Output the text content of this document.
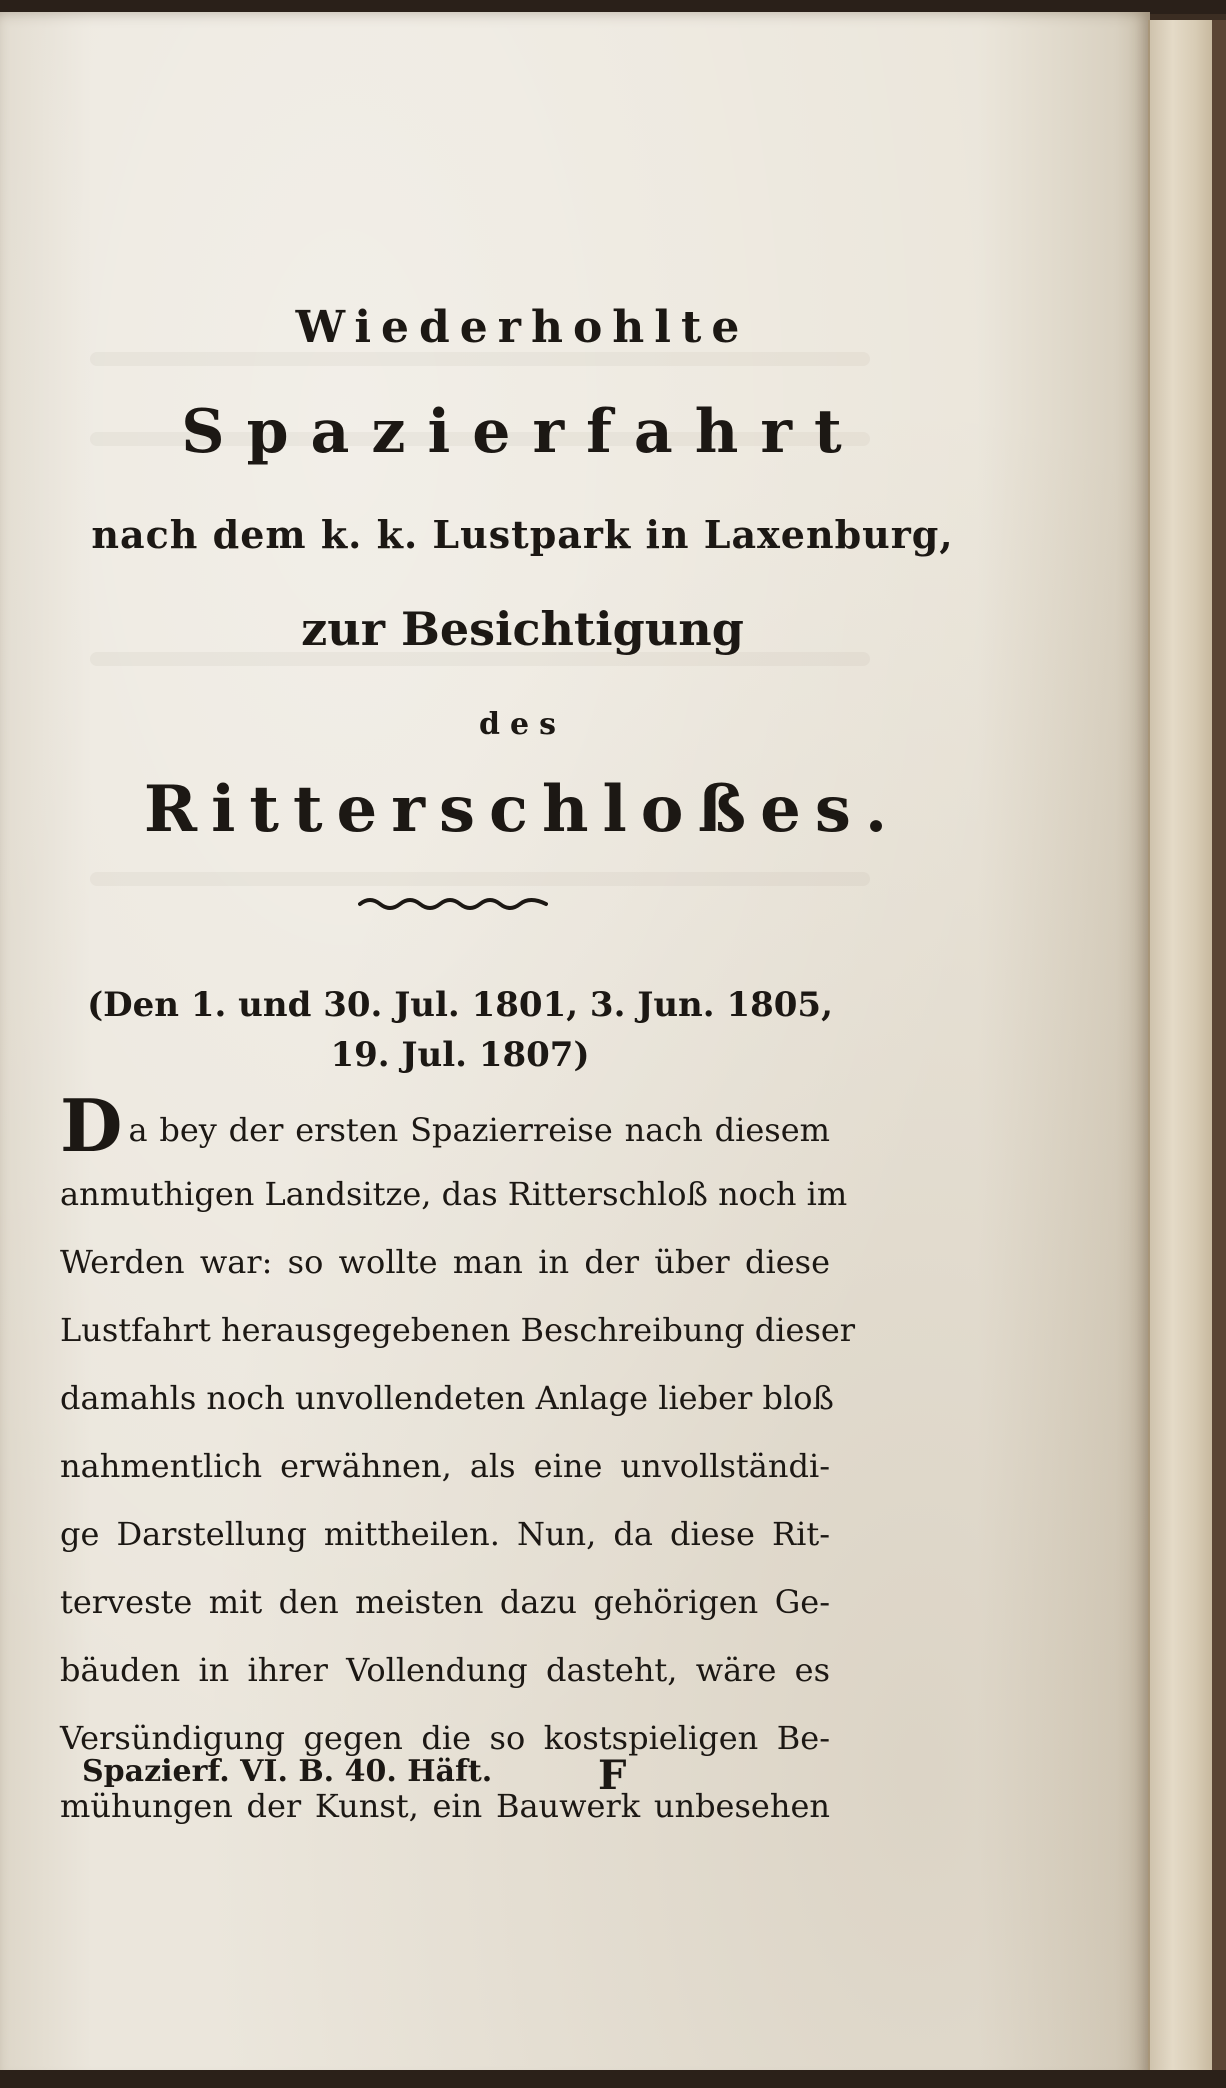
Wiederhohlte
Spazierfahrt
nach dem k. k. Lustpark in Laxenburg,
zur Besichtigung
des
Ritterschloßes.
(Den 1. und 30. Jul. 1801, 3. Jun. 1805,
19. Jul. 1807)
Da bey der ersten Spazierreise nach diesem
anmuthigen Landsitze, das Ritterschloß noch im
Werden war: so wollte man in der über diese
Lustfahrt herausgegebenen Beschreibung dieser
damahls noch unvollendeten Anlage lieber bloß
nahmentlich erwähnen, als eine unvollständi-
ge Darstellung mittheilen. Nun, da diese Rit-
terveste mit den meisten dazu gehörigen Ge-
bäuden in ihrer Vollendung dasteht, wäre es
Versündigung gegen die so kostspieligen Be-
mühungen der Kunst, ein Bauwerk unbesehen
Spazierf. VI. B. 40. Häft.	F
